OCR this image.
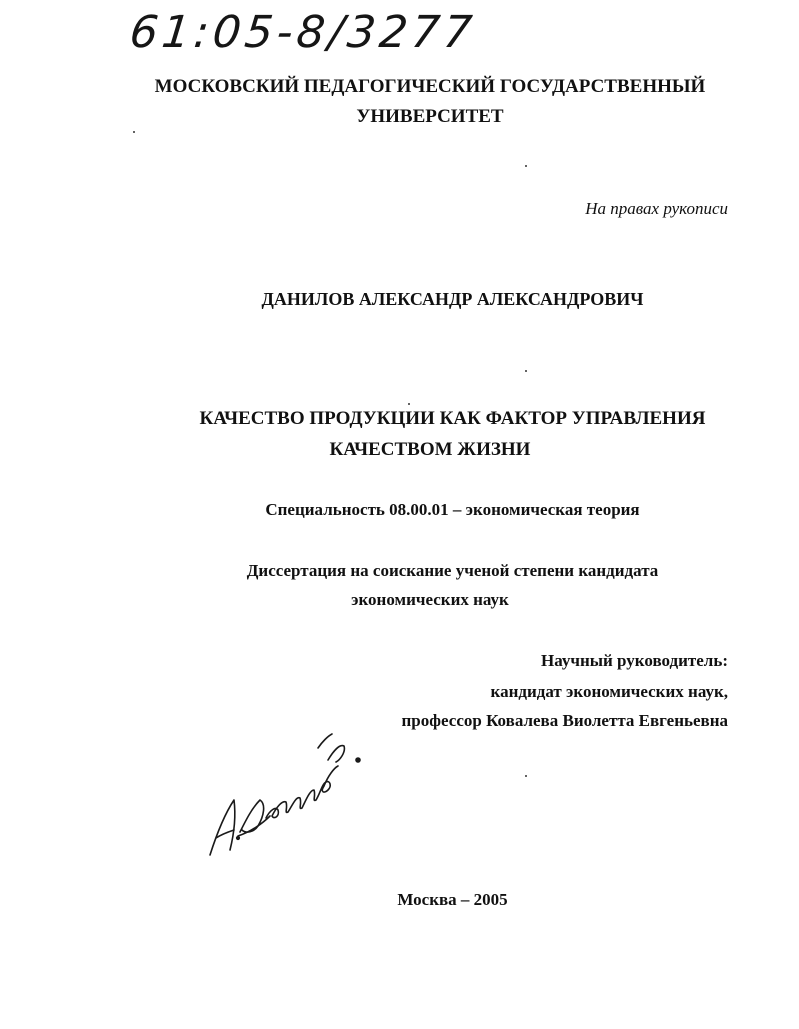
61:05-8/3277
МОСКОВСКИЙ ПЕДАГОГИЧЕСКИЙ ГОСУДАРСТВЕННЫЙ
УНИВЕРСИТЕТ
На правах рукописи
ДАНИЛОВ АЛЕКСАНДР АЛЕКСАНДРОВИЧ
КАЧЕСТВО ПРОДУКЦИИ КАК ФАКТОР УПРАВЛЕНИЯ
КАЧЕСТВОМ ЖИЗНИ
Специальность 08.00.01 – экономическая теория
Диссертация на соискание ученой степени кандидата
экономических наук
Научный руководитель:
кандидат экономических наук,
профессор Ковалева Виолетта Евгеньевна
Москва – 2005
